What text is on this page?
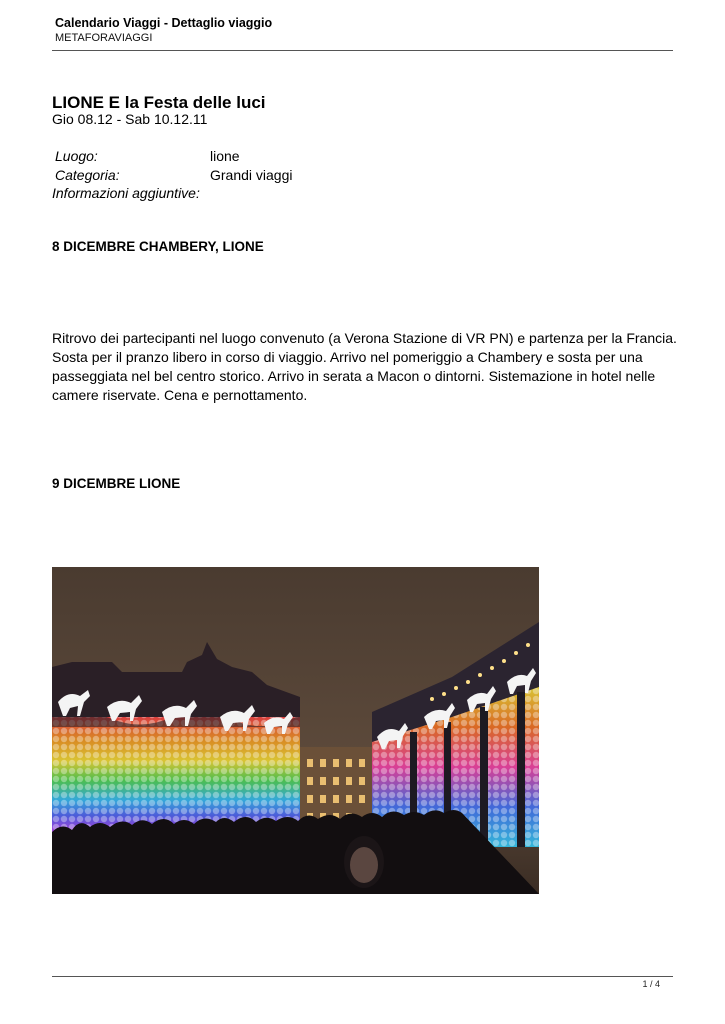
Calendario Viaggi - Dettaglio viaggio
METAFORAVIAGGI
LIONE E la Festa delle luci
Gio 08.12 - Sab 10.12.11
Luogo:	lione
Categoria:	Grandi viaggi
Informazioni aggiuntive:
8 DICEMBRE CHAMBERY, LIONE
Ritrovo dei partecipanti nel luogo convenuto (a Verona Stazione di VR PN) e partenza per la Francia. Sosta per il pranzo libero in corso di viaggio. Arrivo nel pomeriggio a Chambery e sosta per una passeggiata nel bel centro storico. Arrivo in serata a Macon o dintorni. Sistemazione in hotel nelle camere riservate. Cena e pernottamento.
9 DICEMBRE LIONE
1 / 4
